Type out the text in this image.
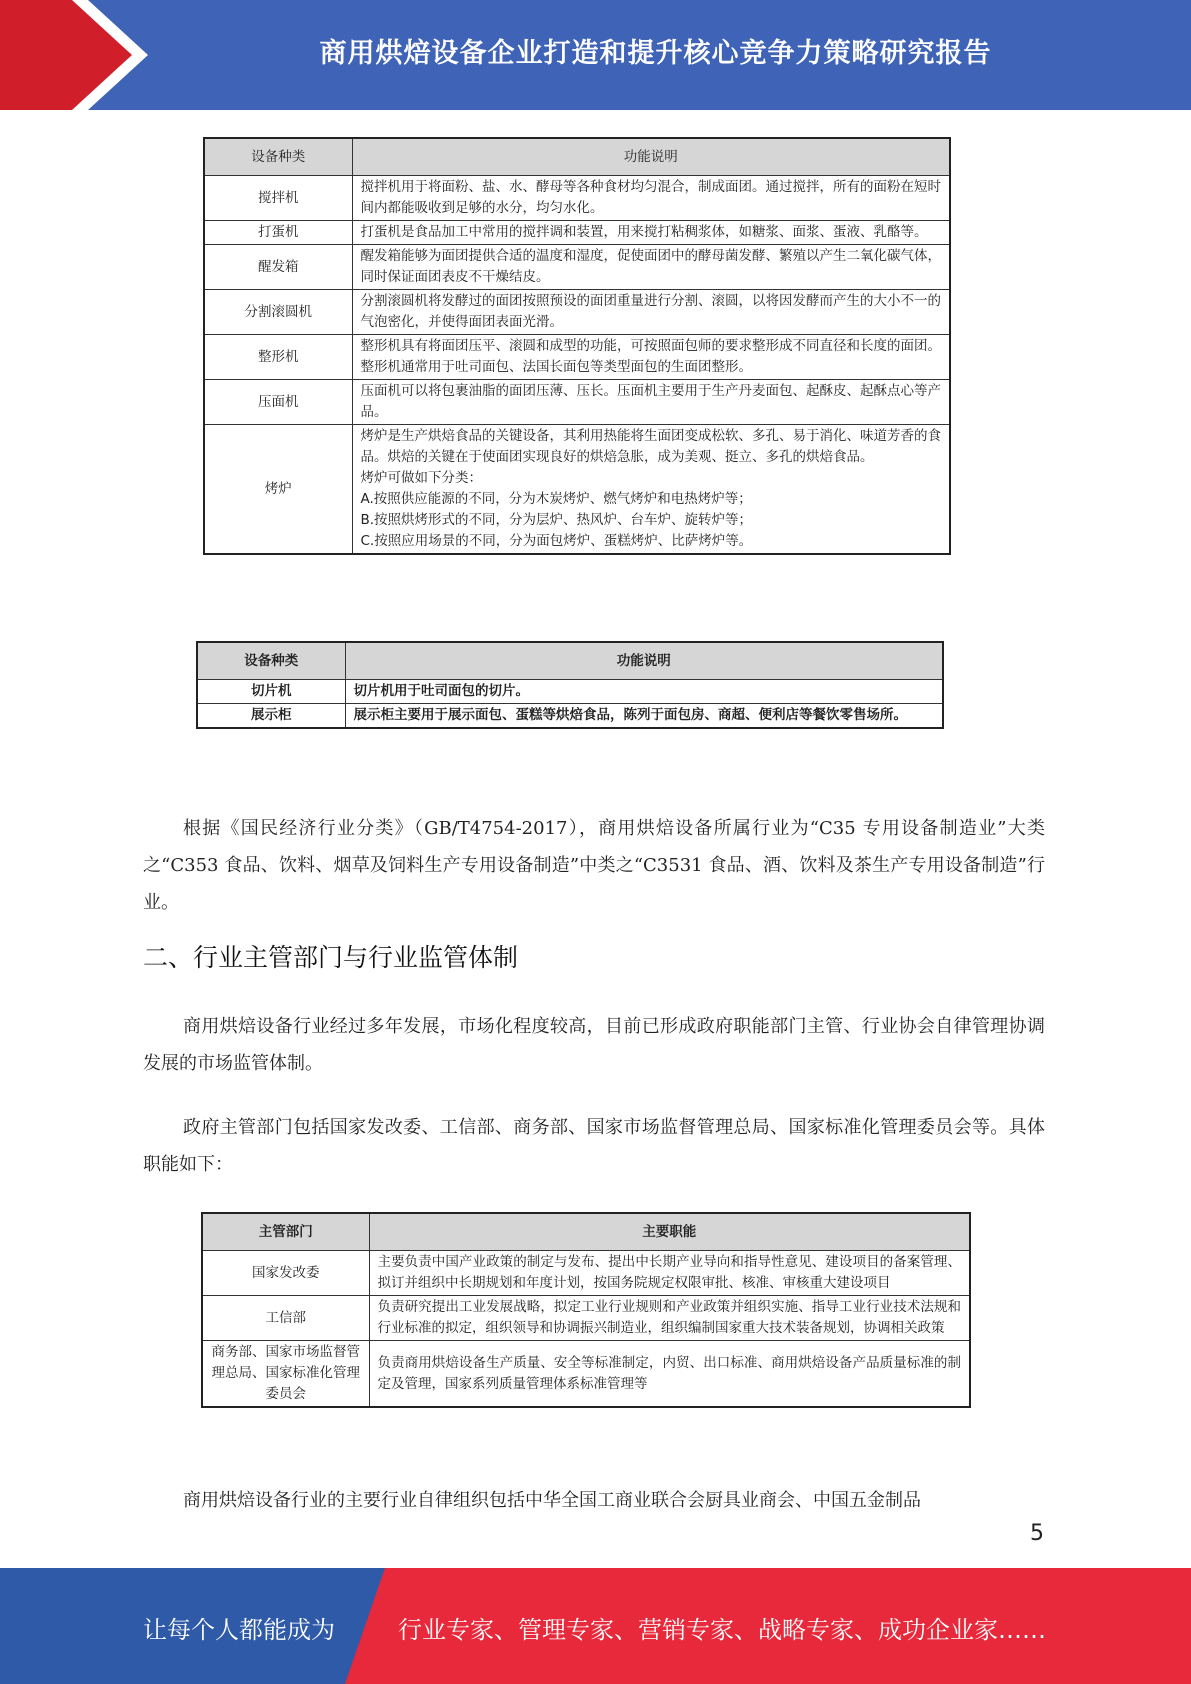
商用烘焙设备企业打造和提升核心竞争力策略研究报告
设备种类	功能说明
搅拌机	搅拌机用于将面粉、盐、水、酵母等各种食材均匀混合，制成面团。通过搅拌，所有的面粉在短时间内都能吸收到足够的水分，均匀水化。

打蛋机	打蛋机是食品加工中常用的搅拌调和装置，用来搅打粘稠浆体，如糖浆、面浆、蛋液、乳酪等。

醒发箱	醒发箱能够为面团提供合适的温度和湿度，促使面团中的酵母菌发酵、繁殖以产生二氧化碳气体，同时保证面团表皮不干燥结皮。

分割滚圆机	分割滚圆机将发酵过的面团按照预设的面团重量进行分割、滚圆，以将因发酵而产生的大小不一的气泡密化，并使得面团表面光滑。

整形机	整形机具有将面团压平、滚圆和成型的功能，可按照面包师的要求整形成不同直径和长度的面团。整形机通常用于吐司面包、法国长面包等类型面包的生面团整形。

压面机	压面机可以将包裹油脂的面团压薄、压长。压面机主要用于生产丹麦面包、起酥皮、起酥点心等产品。

烤炉	烤炉是生产烘焙食品的关键设备，其利用热能将生面团变成松软、多孔、易于消化、味道芳香的食品。烘焙的关键在于使面团实现良好的烘焙急胀，成为美观、挺立、多孔的烘焙食品。
烤炉可做如下分类：
A.按照供应能源的不同，分为木炭烤炉、燃气烤炉和电热烤炉等；
B.按照烘烤形式的不同，分为层炉、热风炉、台车炉、旋转炉等；
C.按照应用场景的不同，分为面包烤炉、蛋糕烤炉、比萨烤炉等。
设备种类	功能说明
切片机	切片机用于吐司面包的切片。

展示柜	展示柜主要用于展示面包、蛋糕等烘焙食品，陈列于面包房、商超、便利店等餐饮零售场所。

根据《国民经济行业分类》（GB/T4754-2017），商用烘焙设备所属行业为“C35 专用设备制造业”大类之“C353 食品、饮料、烟草及饲料生产专用设备制造”中类之“C3531 食品、酒、饮料及茶生产专用设备制造”行业。

二、行业主管部门与行业监管体制

商用烘焙设备行业经过多年发展，市场化程度较高，目前已形成政府职能部门主管、行业协会自律管理协调发展的市场监管体制。

政府主管部门包括国家发改委、工信部、商务部、国家市场监督管理总局、国家标准化管理委员会等。具体职能如下：

主管部门	主要职能
国家发改委	主要负责中国产业政策的制定与发布、提出中长期产业导向和指导性意见、建设项目的备案管理、拟订并组织中长期规划和年度计划，按国务院规定权限审批、核准、审核重大建设项目

工信部	负责研究提出工业发展战略，拟定工业行业规则和产业政策并组织实施、指导工业行业技术法规和行业标准的拟定，组织领导和协调振兴制造业，组织编制国家重大技术装备规划，协调相关政策

商务部、国家市场监督管理总局、国家标准化管理委员会	负责商用烘焙设备生产质量、安全等标准制定，内贸、出口标准、商用烘焙设备产品质量标准的制定及管理，国家系列质量管理体系标准管理等

商用烘焙设备行业的主要行业自律组织包括中华全国工商业联合会厨具业商会、中国五金制品

5
让每个人都能成为	行业专家、管理专家、营销专家、战略专家、成功企业家……
